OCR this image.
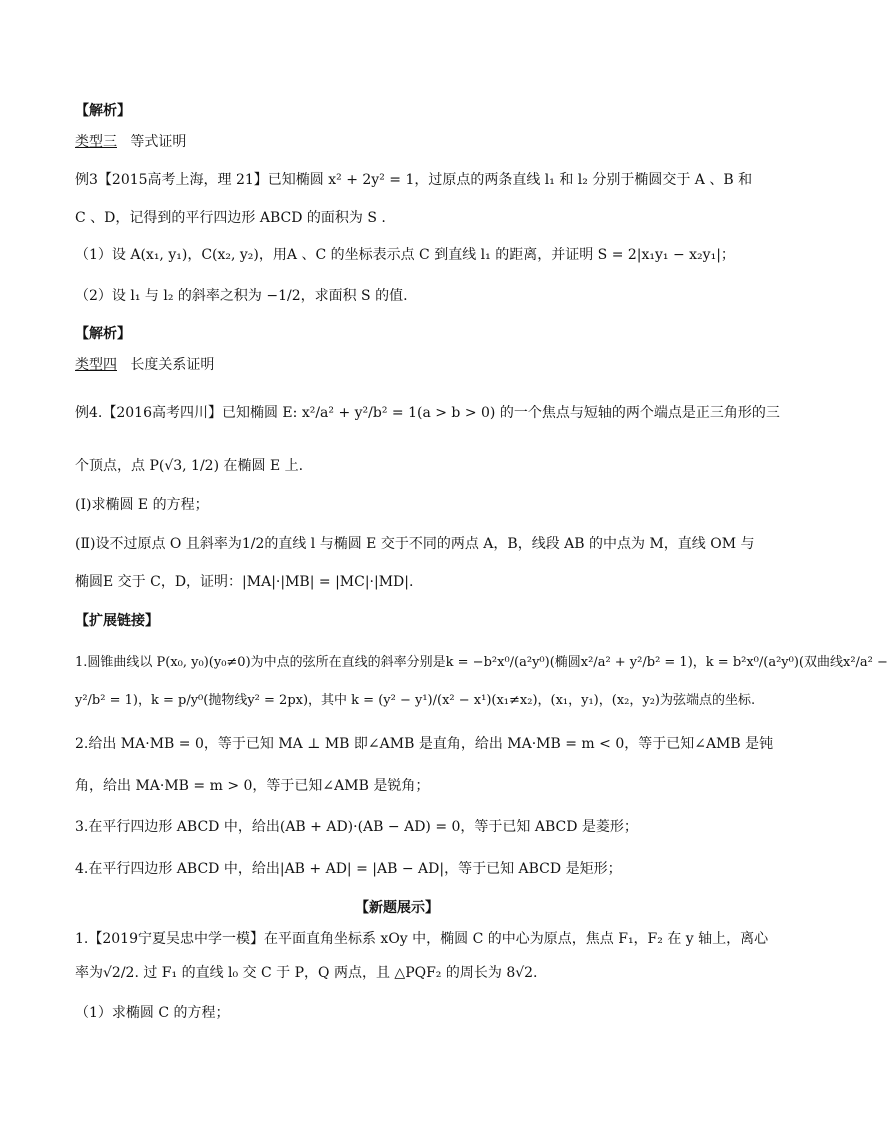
【解析】
类型三 等式证明
例3【2015高考上海，理 21】已知椭圆 x² + 2y² = 1，过原点的两条直线 l₁ 和 l₂ 分别于椭圆交于 A 、B 和
C 、D，记得到的平行四边形 ABCD 的面积为 S .
（1）设 A(x₁, y₁)，C(x₂, y₂)，用A 、C 的坐标表示点 C 到直线 l₁ 的距离，并证明 S = 2|x₁y₁ − x₂y₁|；
（2）设 l₁ 与 l₂ 的斜率之积为 −1/2，求面积 S 的值.
【解析】
类型四 长度关系证明
例4.【2016高考四川】已知椭圆 E: x²/a² + y²/b² = 1(a > b > 0) 的一个焦点与短轴的两个端点是正三角形的三
个顶点，点 P(√3, 1/2) 在椭圆 E 上.
(Ⅰ)求椭圆 E 的方程；
(Ⅱ)设不过原点 O 且斜率为1/2的直线 l 与椭圆 E 交于不同的两点 A，B，线段 AB 的中点为 M，直线 OM 与
椭圆E 交于 C，D，证明：|MA|·|MB| = |MC|·|MD|.
【扩展链接】
1.圆锥曲线以 P(x₀, y₀)(y₀≠0)为中点的弦所在直线的斜率分别是k = −b²x⁰/(a²y⁰)(椭圆x²/a² + y²/b² = 1)，k = b²x⁰/(a²y⁰)(双曲线x²/a² −
y²/b² = 1)，k = p/y⁰(抛物线y² = 2px)，其中 k = (y² − y¹)/(x² − x¹)(x₁≠x₂)，(x₁，y₁)，(x₂，y₂)为弦端点的坐标.
2.给出 MA·MB = 0，等于已知 MA ⊥ MB 即∠AMB 是直角，给出 MA·MB = m < 0，等于已知∠AMB 是钝
角，给出 MA·MB = m > 0，等于已知∠AMB 是锐角；
3.在平行四边形 ABCD 中，给出(AB + AD)·(AB − AD) = 0，等于已知 ABCD 是菱形；
4.在平行四边形 ABCD 中，给出|AB + AD| = |AB − AD|，等于已知 ABCD 是矩形；
【新题展示】
1.【2019宁夏吴忠中学一模】在平面直角坐标系 xOy 中，椭圆 C 的中心为原点，焦点 F₁，F₂ 在 y 轴上，离心
率为√2/2. 过 F₁ 的直线 l₀ 交 C 于 P，Q 两点，且 △PQF₂ 的周长为 8√2.
（1）求椭圆 C 的方程；
